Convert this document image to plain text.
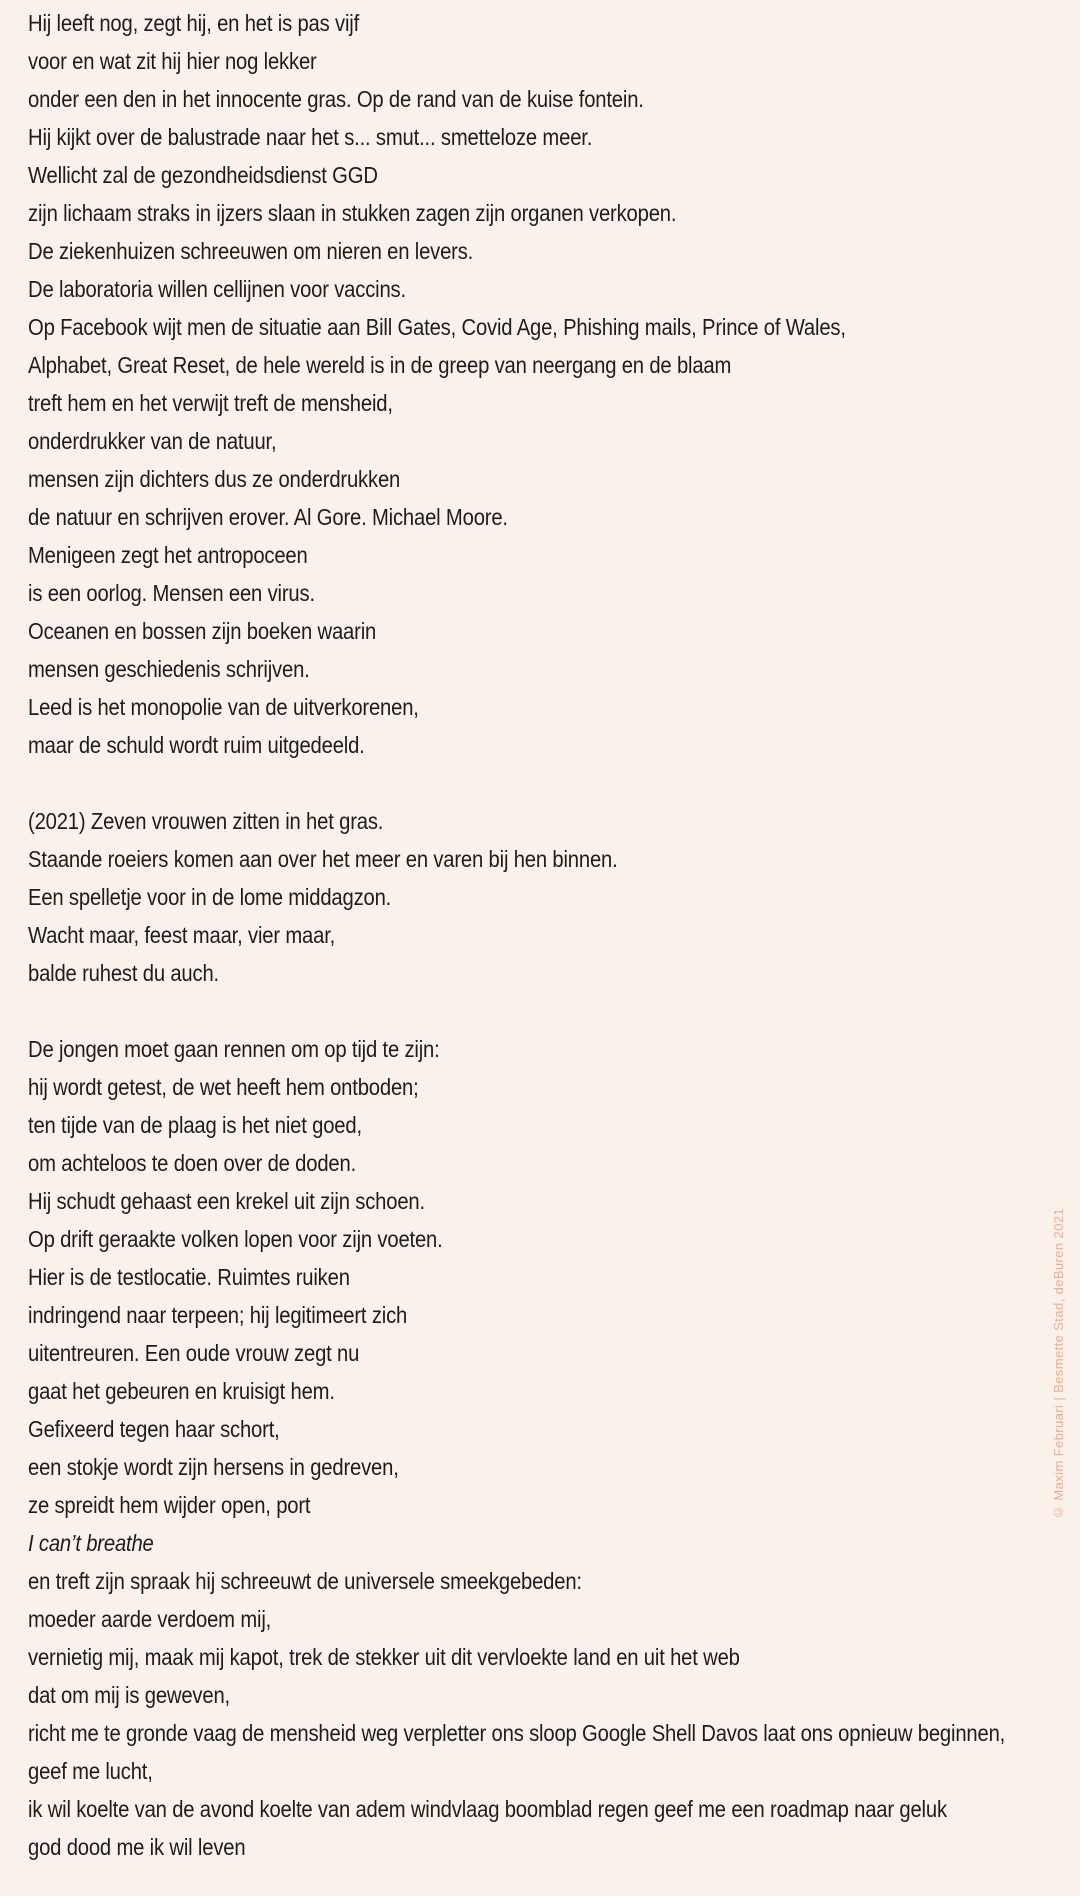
Hij leeft nog, zegt hij, en het is pas vijf
voor en wat zit hij hier nog lekker
onder een den in het innocente gras. Op de rand van de kuise fontein.
Hij kijkt over de balustrade naar het s... smut... smetteloze meer.
Wellicht zal de gezondheidsdienst GGD
zijn lichaam straks in ijzers slaan in stukken zagen zijn organen verkopen.
De ziekenhuizen schreeuwen om nieren en levers.
De laboratoria willen cellijnen voor vaccins.
Op Facebook wijt men de situatie aan Bill Gates, Covid Age, Phishing mails, Prince of Wales,
Alphabet, Great Reset, de hele wereld is in de greep van neergang en de blaam
treft hem en het verwijt treft de mensheid,
onderdrukker van de natuur,
mensen zijn dichters dus ze onderdrukken
de natuur en schrijven erover. Al Gore. Michael Moore.
Menigeen zegt het antropoceen
is een oorlog. Mensen een virus.
Oceanen en bossen zijn boeken waarin
mensen geschiedenis schrijven.
Leed is het monopolie van de uitverkorenen,
maar de schuld wordt ruim uitgedeeld.
(2021) Zeven vrouwen zitten in het gras.
Staande roeiers komen aan over het meer en varen bij hen binnen.
Een spelletje voor in de lome middagzon.
Wacht maar, feest maar, vier maar,
balde ruhest du auch.
De jongen moet gaan rennen om op tijd te zijn:
hij wordt getest, de wet heeft hem ontboden;
ten tijde van de plaag is het niet goed,
om achteloos te doen over de doden.
Hij schudt gehaast een krekel uit zijn schoen.
Op drift geraakte volken lopen voor zijn voeten.
Hier is de testlocatie. Ruimtes ruiken
indringend naar terpeen; hij legitimeert zich
uitentreuren. Een oude vrouw zegt nu
gaat het gebeuren en kruisigt hem.
Gefixeerd tegen haar schort,
een stokje wordt zijn hersens in gedreven,
ze spreidt hem wijder open, port
I can’t breathe
en treft zijn spraak hij schreeuwt de universele smeekgebeden:
moeder aarde verdoem mij,
vernietig mij, maak mij kapot, trek de stekker uit dit vervloekte land en uit het web
dat om mij is geweven,
richt me te gronde vaag de mensheid weg verpletter ons sloop Google Shell Davos laat ons opnieuw beginnen,
geef me lucht,
ik wil koelte van de avond koelte van adem windvlaag boomblad regen geef me een roadmap naar geluk
god dood me ik wil leven
© Maxim Februari | Besmette Stad, deBuren 2021
